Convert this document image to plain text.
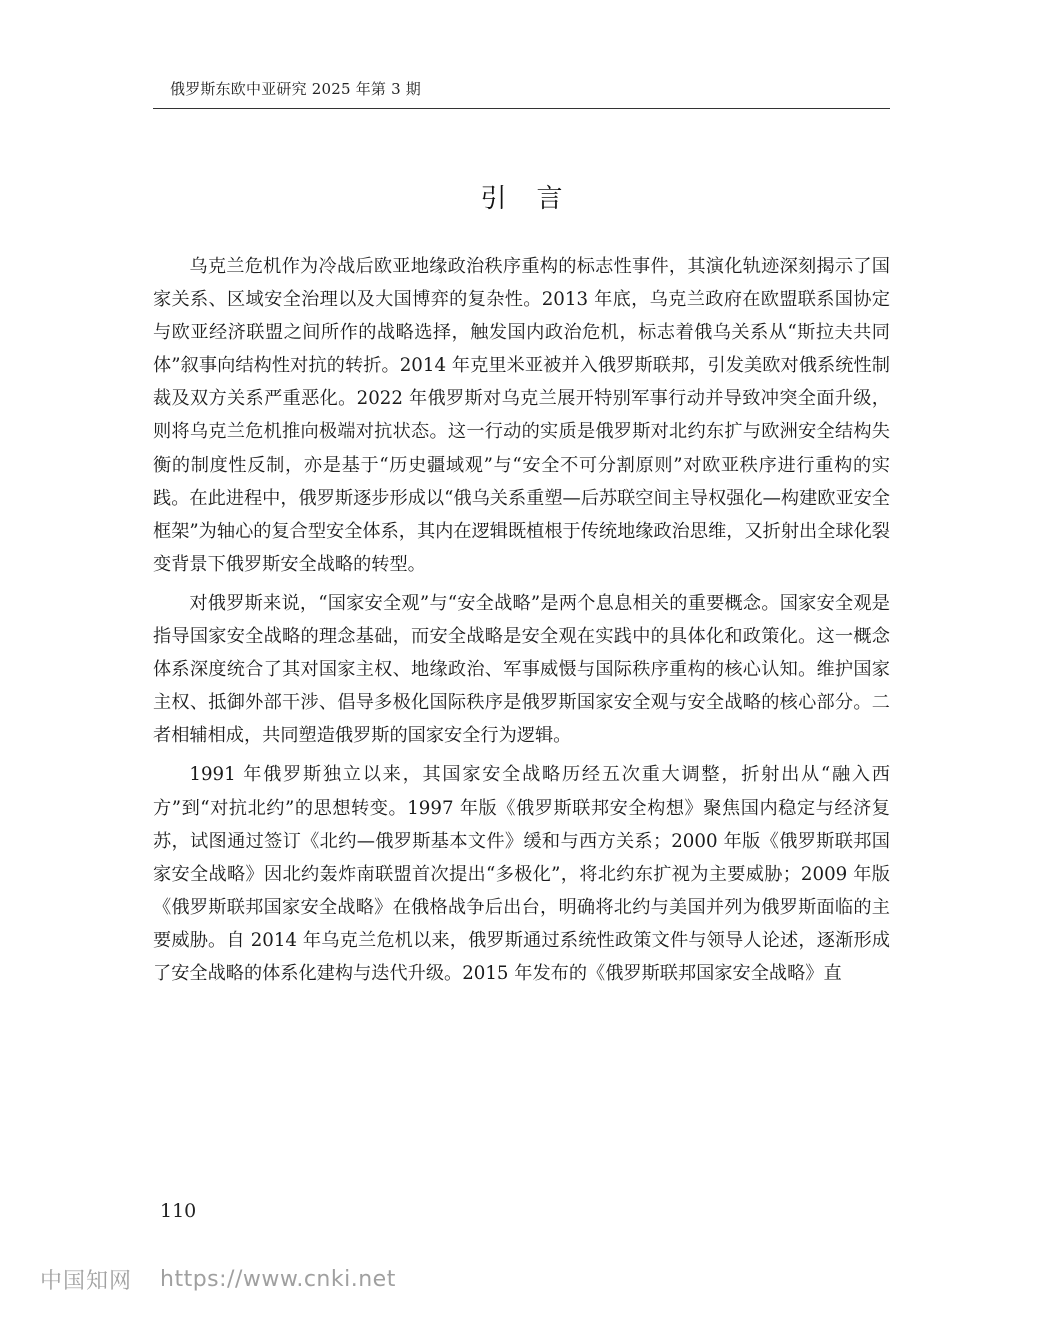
俄罗斯东欧中亚研究 2025 年第 3 期
引言

乌克兰危机作为冷战后欧亚地缘政治秩序重构的标志性事件，其演化轨迹深刻揭示了国家关系、区域安全治理以及大国博弈的复杂性。2013 年底，乌克兰政府在欧盟联系国协定与欧亚经济联盟之间所作的战略选择，触发国内政治危机，标志着俄乌关系从“斯拉夫共同体”叙事向结构性对抗的转折。2014 年克里米亚被并入俄罗斯联邦，引发美欧对俄系统性制裁及双方关系严重恶化。2022 年俄罗斯对乌克兰展开特别军事行动并导致冲突全面升级，则将乌克兰危机推向极端对抗状态。这一行动的实质是俄罗斯对北约东扩与欧洲安全结构失衡的制度性反制，亦是基于“历史疆域观”与“安全不可分割原则”对欧亚秩序进行重构的实践。在此进程中，俄罗斯逐步形成以“俄乌关系重塑—后苏联空间主导权强化—构建欧亚安全框架”为轴心的复合型安全体系，其内在逻辑既植根于传统地缘政治思维，又折射出全球化裂变背景下俄罗斯安全战略的转型。

对俄罗斯来说，“国家安全观”与“安全战略”是两个息息相关的重要概念。国家安全观是指导国家安全战略的理念基础，而安全战略是安全观在实践中的具体化和政策化。这一概念体系深度统合了其对国家主权、地缘政治、军事威慑与国际秩序重构的核心认知。维护国家主权、抵御外部干涉、倡导多极化国际秩序是俄罗斯国家安全观与安全战略的核心部分。二者相辅相成，共同塑造俄罗斯的国家安全行为逻辑。

1991 年俄罗斯独立以来，其国家安全战略历经五次重大调整，折射出从“融入西方”到“对抗北约”的思想转变。1997 年版《俄罗斯联邦安全构想》聚焦国内稳定与经济复苏，试图通过签订《北约—俄罗斯基本文件》缓和与西方关系；2000 年版《俄罗斯联邦国家安全战略》因北约轰炸南联盟首次提出“多极化”，将北约东扩视为主要威胁；2009 年版《俄罗斯联邦国家安全战略》在俄格战争后出台，明确将北约与美国并列为俄罗斯面临的主要威胁。自 2014 年乌克兰危机以来，俄罗斯通过系统性政策文件与领导人论述，逐渐形成了安全战略的体系化建构与迭代升级。2015 年发布的《俄罗斯联邦国家安全战略》直

110
中国知网 https://www.cnki.net
